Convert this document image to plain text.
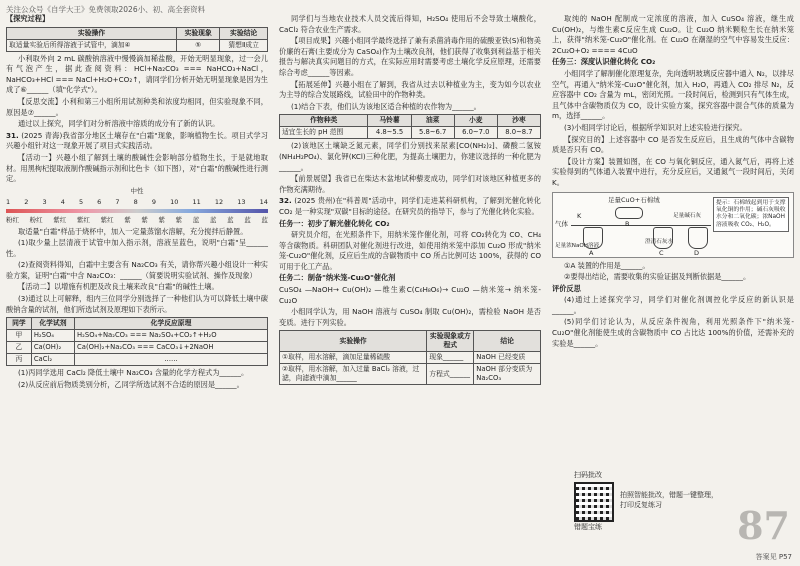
关注公众号《自学大王》免费领取2026小、初、高全套资料

【探究过程】

实验操作	实验现象	实验结论
取适量实验后所得溶液于试管中，滴加④	⑤	猜想Ⅱ成立

小利取外向 2 mL 碳酸钠溶液中慢慢滴加稀盐酸，开始无明显现象，过一会儿有气泡产生，据此查阅资料：HCl+Na₂CO₃ === NaHCO₃+NaCl，NaHCO₃+HCl === NaCl+H₂O+CO₂↑，请同学们分析开始无明显现象是因为生成了⑥______（填"化学式"）。

【反思交流】小利和第三小组所用试剂种类和浓度均相同，但实验现象不同，原因是⑦______。

通过以上探究，同学们对分析溶液中溶质的成分有了新的认识。

31. (2025 青海)我省部分地区土壤存在"白霜"现象，影响植物生长。项目式学习兴趣小组针对这一现象开展了项目式实践活动。

【活动一】兴趣小组了解到土壤的酸碱性会影响部分植物生长，于是就地取材。用黑枸杞提取液制作酸碱指示剂和比色卡（如下图），对"白霜"的酸碱性进行测定。

中性
1 2 3 4 5 6 7 8 9 10 11 12 13 14
粉红 粉红 紫红 紫红 紫红 紫 紫 紫 紫 蓝 蓝 蓝 蓝 蓝

取适量"白霜"样品于烧杯中，加入一定量蒸馏水溶解，充分搅拌后静置。

(1)取少量上层清液于试管中加入指示剂，溶液呈蓝色，说明"白霜"呈______性。

(2)查阅资料得知，白霜中主要含有 Na₂CO₃ 有关，请你帮兴趣小组设计一种实验方案，证明"白霜"中含 Na₂CO₃：______（简要说明实验试剂、操作及现象）

【活动二】以增施有机肥及改良土壤来改良"白霜"的碱性土壤。

(3)通过以上可解释，组内三位同学分别选择了一种他们认为可以降低土壤中碳酸钠含量的试剂，他们所选试剂及原理如下表所示。

同学	化学试剂	化学反应原理
甲	H₂SO₄	H₂SO₄+Na₂CO₃ === Na₂SO₄+CO₂↑+H₂O
乙	Ca(OH)₂	Ca(OH)₂+Na₂CO₃ === CaCO₃↓+2NaOH
丙	CaCl₂	……

(1)丙同学选用 CaCl₂ 降低土壤中 Na₂CO₃ 含量的化学方程式为______。

(2)从反应前后物质类别分析，乙同学所选试剂不合适的原因是______。

同学们与当地农业技术人员交流后得知，H₂SO₄ 使用后不会导致土壤酸化，CaCl₂ 符合农业生产需求。

【项目成果】兴趣小组同学最终选择了兼有杀菌消毒作用的硫酸亚铁(S)和物美价廉的石膏(主要成分为 CaSO₄)作为土壤改良剂，他们获得了收集到利益基于相关报告与解决真实问题目的方式，在实际应用时需要考虑土壤化学反应原理，还需要综合考虑______等因素。

【拓展延伸】兴趣小组在了解到，我省从过去以种植业为主，变为如今以农业为主导的综合发展路线，试验田中的作物种类。

(1)结合下表，他们认为该地区适合种植的农作物为______。

作物种类	马铃薯	油菜	小麦	沙枣
适宜生长的 pH 范围	4.8~5.5	5.8~6.7	6.0~7.0	8.0~8.7

(2)该地区土壤缺乏氮元素，同学们分别找来尿素[CO(NH₂)₂]、磷酸二氢铵(NH₄H₂PO₄)、氯化钾(KCl)三种化肥，为提高土壤肥力，你建议选择的一种化肥为______。

【前景展望】我省已在柴达木盆地试种藜麦成功，同学们对该地区种植更多的作物充满期待。

32. (2025 贵州)在"科普周"活动中，同学们走进某科研机构，了解到光催化转化 CO₂ 是一种实现"双碳"目标的途径。在研究员的指导下，参与了光催化转化实验。

任务一：初步了解光催化转化 CO₂

研究员介绍，在光照条件下，用纳米笼作催化剂，可将 CO₂转化为 CO、CH₄ 等含碳物质。科研团队对催化剂进行改进，如使用纳米笼中添加 Cu₂O 形成"纳米笼-Cu₂O"催化剂，反应后生成的含碳物质中 CO 所占比例可达 100%，获得的 CO 可用于化工产品。

任务二：制备"纳米笼-Cu₂O"催化剂

CuSO₄ —NaOH→ Cu(OH)₂ —维生素C(C₆H₈O₆)→ Cu₂O —纳米笼→ 纳米笼-Cu₂O

小组同学认为，用 NaOH 溶液与 CuSO₄ 制取 Cu(OH)₂，需检验 NaOH 是否变质。进行下列实验。

实验操作	实验现象或方程式	结论
①取样，用水溶解，滴加足量稀硫酸	现象______	NaOH 已经变质
②取样，用水溶解，加入过量 BaCl₂ 溶液，过滤，向滤液中滴加______	方程式______	NaOH 部分变质为 Na₂CO₃

取纯的 NaOH 配制成一定浓度的溶液，加入 CuSO₄ 溶液，继生成 Cu(OH)₂，与维生素C反应生成 Cu₂O。让 Cu₂O 纳米颗粒生长在纳米笼上，获得"纳米笼-Cu₂O"催化剂。在 Cu₂O 在潮湿的空气中容易发生反应：2Cu₂O+O₂ ==== 4CuO

任务三：深度认识催化转化 CO₂

小组同学了解制催化原理复杂，先向透明玻璃反应器中通入 N₂，以排尽空气，再通入"纳米笼-Cu₂O"催化剂，加入 H₂O，再通入 CO₂ 排尽 N₂，反应容器中 CO₂ 含量为 mL，密闭光照。一段时间后，检测到只有气体生成，且气体中含碳物质仅为 CO，设计实验方案，探究容器中混合气体的质量为 m，选择______。

(3)小组同学讨论后，根据所学知识对上述实验进行探究。

【探究目的】上述容器中 CO 是否发生反应后，且生成的气体中含碳物质是否只有 CO。

【设计方案】装置如图，在 CO 与氧化铜反应，通入氮气后，再将上述实验得到的气体通入装置中进行，充分反应后，又通氮气一段时间后，关闭 K。

气体
K
足量CuO+石棉绒
A
B
C	D
足量浓NaOH溶液
澄清石灰水
足量碱石灰
提示：石棉绒起到用于支撑氧化铜的作用；碱石灰吸收水分和二氧化碳；浓NaOH溶液吸收 CO₂、H₂O。

①A 装置的作用是______。

②要得出结论，需要收集的实验证据及判断依据是______。

评价反思

(4)通过上述探究学习，同学们对催化剂调控化学反应的新认识是______。

(5)同学们讨论认为，从反应条件视角，利用光照条件下"纳米笼-Cu₂O"催化剂能使生成的含碳物质中 CO 占比达 100%的价值，还需补充的实验是______。

扫码批改
拍照智能批改，错题一键整理，打印反复练习
错题宝练	87
答案见 P57
